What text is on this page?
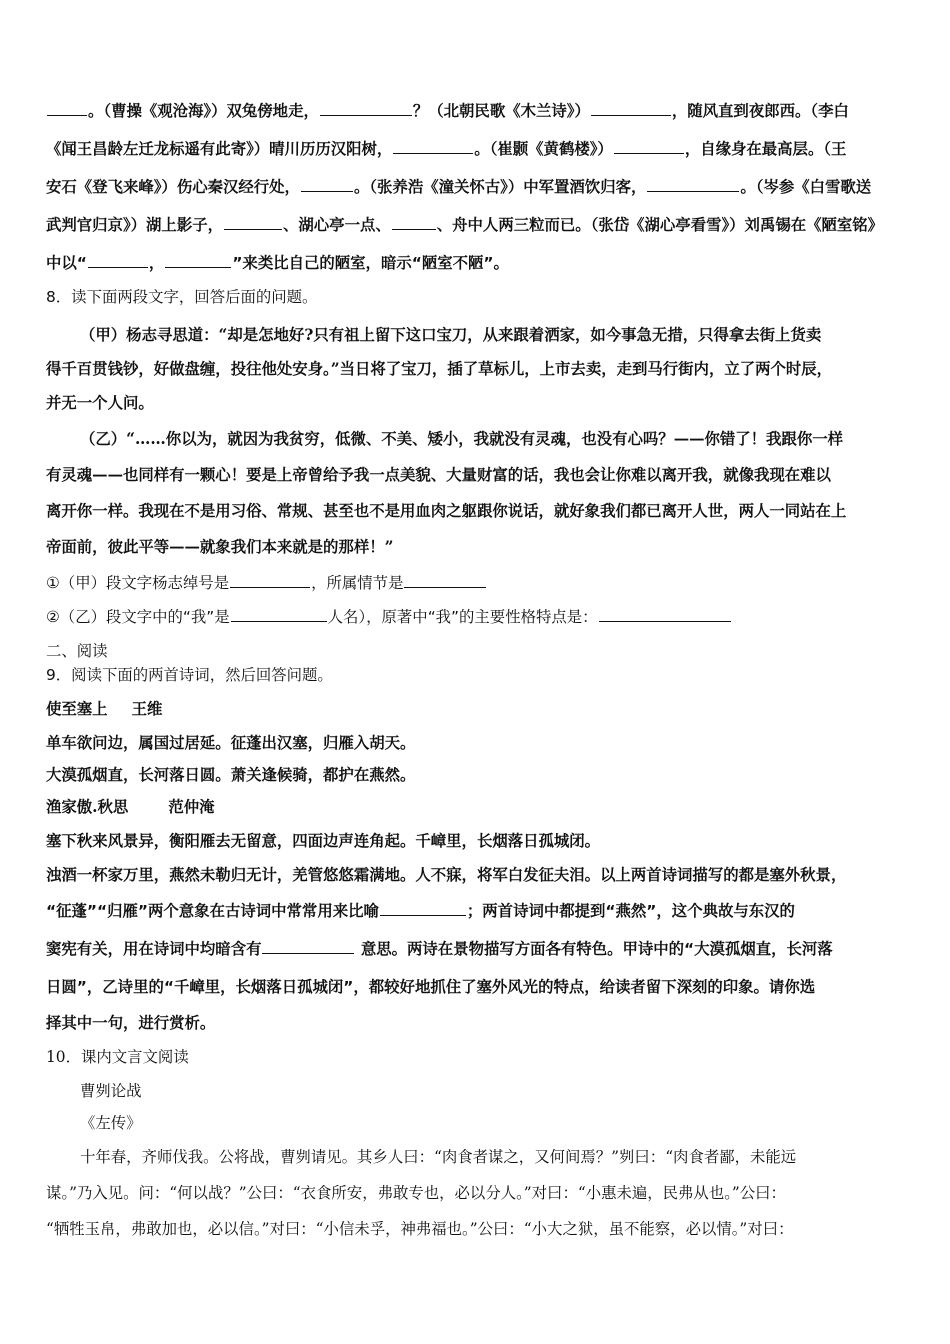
。（曹操《观沧海》）双兔傍地走，	？（北朝民歌《木兰诗》）	，随风直到夜郎西。（李白
《闻王昌龄左迁龙标遥有此寄》）晴川历历汉阳树，	。（崔颢《黄鹤楼》）	，自缘身在最高层。（王
安石《登飞来峰》）伤心秦汉经行处，	。（张养浩《潼关怀古》）中军置酒饮归客，	。（岑参《白雪歌送
武判官归京》）湖上影子，	、湖心亭一点、	、舟中人两三粒而已。（张岱《湖心亭看雪》）刘禹锡在《陋室铭》
中以“	，	”来类比自己的陋室，暗示“陋室不陋”。
8．读下面两段文字，回答后面的问题。
（甲）杨志寻思道：“却是怎地好?只有祖上留下这口宝刀，从来跟着洒家，如今事急无措，只得拿去街上货卖
得千百贯钱钞，好做盘缠，投往他处安身。”当日将了宝刀，插了草标儿，上市去卖，走到马行街内，立了两个时辰，
并无一个人问。
（乙）“……你以为，就因为我贫穷，低微、不美、矮小，我就没有灵魂，也没有心吗？——你错了！我跟你一样
有灵魂——也同样有一颗心！要是上帝曾给予我一点美貌、大量财富的话，我也会让你难以离开我，就像我现在难以
离开你一样。我现在不是用习俗、常规、甚至也不是用血肉之躯跟你说话，就好象我们都已离开人世，两人一同站在上
帝面前，彼此平等——就象我们本来就是的那样！”
①（甲）段文字杨志绰号是	，所属情节是
②（乙）段文字中的“我”是	人名），原著中“我”的主要性格特点是：
二、阅读
9．阅读下面的两首诗词，然后回答问题。
使至塞上 王维
单车欲问边，属国过居延。征蓬出汉塞，归雁入胡天。
大漠孤烟直，长河落日圆。萧关逢候骑，都护在燕然。
渔家傲.秋思	范仲淹
塞下秋来风景异，衡阳雁去无留意，四面边声连角起。千嶂里，长烟落日孤城闭。
浊酒一杯家万里，燕然未勒归无计，羌管悠悠霜满地。人不寐，将军白发征夫泪。以上两首诗词描写的都是塞外秋景，
“征蓬”“归雁”两个意象在古诗词中常常用来比喻	；两首诗词中都提到“燕然”，这个典故与东汉的
窦宪有关，用在诗词中均暗含有	意思。两诗在景物描写方面各有特色。甲诗中的“大漠孤烟直，长河落
日圆”，乙诗里的“千嶂里，长烟落日孤城闭”，都较好地抓住了塞外风光的特点，给读者留下深刻的印象。请你选
择其中一句，进行赏析。
10．课内文言文阅读
曹刿论战
《左传》
十年春，齐师伐我。公将战，曹刿请见。其乡人曰：“肉食者谋之，又何间焉？”刿曰：“肉食者鄙，未能远
谋。”乃入见。问：“何以战？”公曰：“衣食所安，弗敢专也，必以分人。”对曰：“小惠未遍，民弗从也。”公曰：
“牺牲玉帛，弗敢加也，必以信。”对曰：“小信未孚，神弗福也。”公曰：“小大之狱，虽不能察，必以情。”对曰：
